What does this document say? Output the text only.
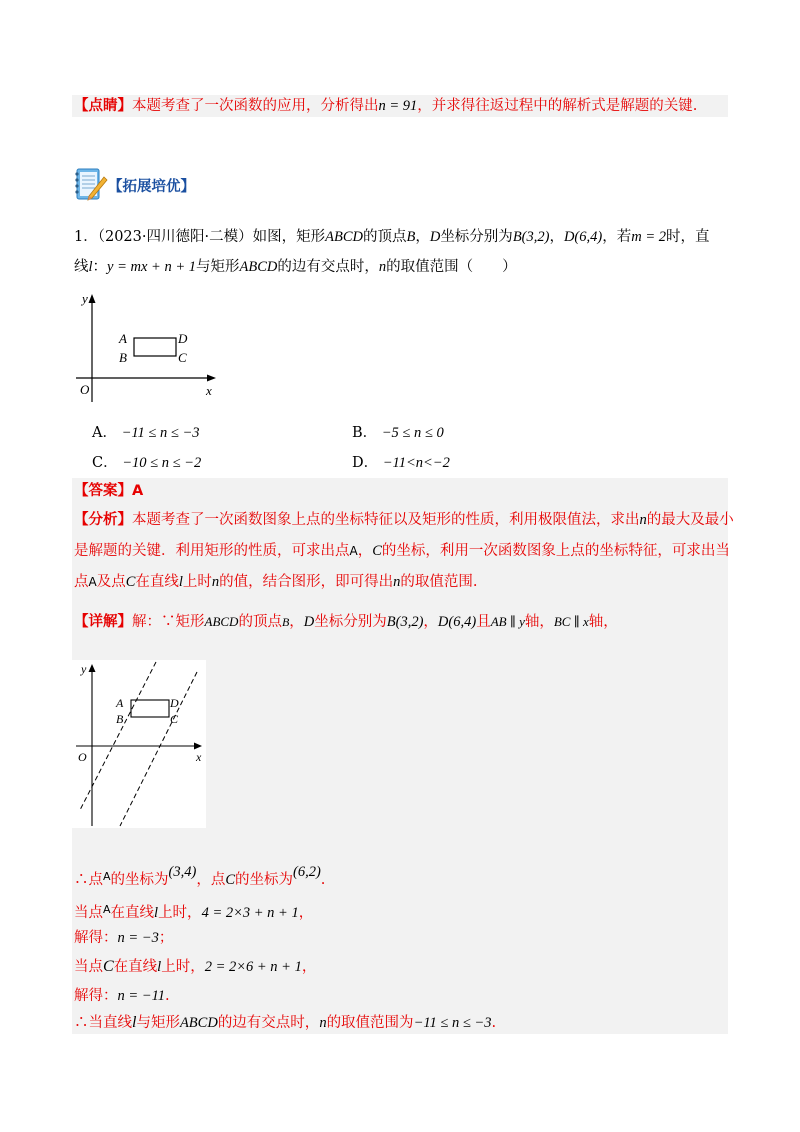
【点睛】本题考查了一次函数的应用，分析得出n = 91，并求得往返过程中的解析式是解题的关键.
【拓展培优】
1．（2023·四川德阳·二模）如图，矩形ABCD的顶点B，D坐标分别为B(3,2)，D(6,4)，若m = 2时，直
线l：y = mx + n + 1与矩形ABCD的边有交点时，n的取值范围（　　）
y
x
O
A
B	C
D
A． −11 ≤ n ≤ −3	B． −5 ≤ n ≤ 0
C． −10 ≤ n ≤ −2	D． −11<n<−2
【答案】A
【分析】本题考查了一次函数图象上点的坐标特征以及矩形的性质，利用极限值法，求出n的最大及最小
是解题的关键．利用矩形的性质，可求出点A，C的坐标，利用一次函数图象上点的坐标特征，可求出当
点A及点C在直线l上时n的值，结合图形，即可得出n的取值范围.
【详解】解：∵矩形ABCD的顶点B，D坐标分别为B(3,2)，D(6,4)且AB ∥ y轴，BC ∥ x轴，
y
x
O
A
B	C
D
∴点$^A$的坐标为(3,4)，点C的坐标为(6,2).
当点$^A$在直线l上时，4 = 2×3 + n + 1，
解得：n = −3；
当点C在直线l上时，2 = 2×6 + n + 1，
解得：n = −11.
∴当直线l与矩形ABCD的边有交点时，n的取值范围为−11 ≤ n ≤ −3.
